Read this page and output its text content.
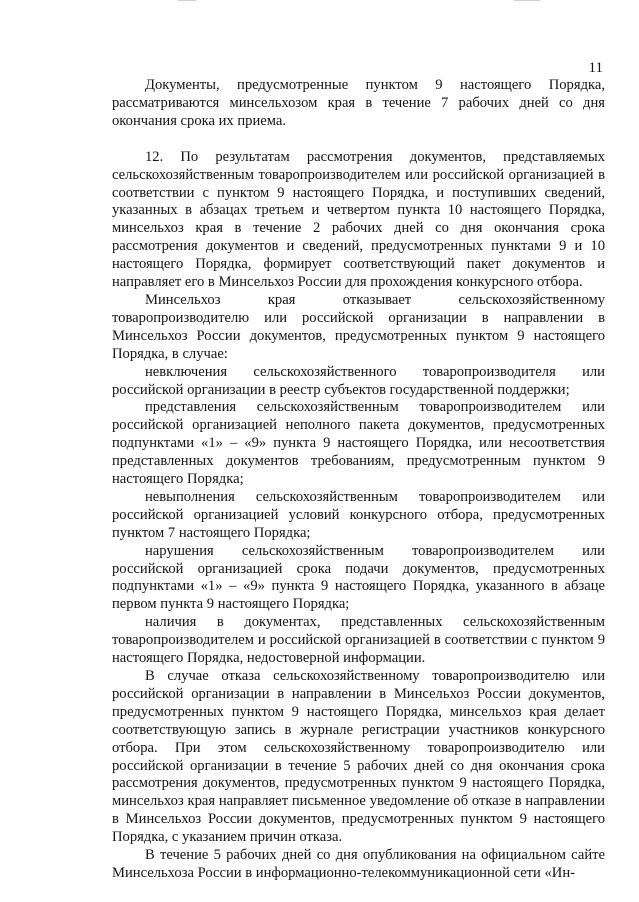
11

Документы, предусмотренные пунктом 9 настоящего Порядка, рассматриваются минсельхозом края в течение 7 рабочих дней со дня окончания срока их приема.

12. По результатам рассмотрения документов, представляемых сельскохозяйственным товаропроизводителем или российской организацией в соответствии с пунктом 9 настоящего Порядка, и поступивших сведений, указанных в абзацах третьем и четвертом пункта 10 настоящего Порядка, минсельхоз края в течение 2 рабочих дней со дня окончания срока рассмотрения документов и сведений, предусмотренных пунктами 9 и 10 настоящего Порядка, формирует соответствующий пакет документов и направляет его в Минсельхоз России для прохождения конкурсного отбора.

Минсельхоз края отказывает сельскохозяйственному товаропроизводителю или российской организации в направлении в Минсельхоз России документов, предусмотренных пунктом 9 настоящего Порядка, в случае:

невключения сельскохозяйственного товаропроизводителя или российской организации в реестр субъектов государственной поддержки;

представления сельскохозяйственным товаропроизводителем или российской организацией неполного пакета документов, предусмотренных подпунктами «1» – «9» пункта 9 настоящего Порядка, или несоответствия представленных документов требованиям, предусмотренным пунктом 9 настоящего Порядка;

невыполнения сельскохозяйственным товаропроизводителем или российской организацией условий конкурсного отбора, предусмотренных пунктом 7 настоящего Порядка;

нарушения сельскохозяйственным товаропроизводителем или российской организацией срока подачи документов, предусмотренных подпунктами «1» – «9» пункта 9 настоящего Порядка, указанного в абзаце первом пункта 9 настоящего Порядка;

наличия в документах, представленных сельскохозяйственным товаропроизводителем и российской организацией в соответствии с пунктом 9 настоящего Порядка, недостоверной информации.

В случае отказа сельскохозяйственному товаропроизводителю или российской организации в направлении в Минсельхоз России документов, предусмотренных пунктом 9 настоящего Порядка, минсельхоз края делает соответствующую запись в журнале регистрации участников конкурсного отбора. При этом сельскохозяйственному товаропроизводителю или российской организации в течение 5 рабочих дней со дня окончания срока рассмотрения документов, предусмотренных пунктом 9 настоящего Порядка, минсельхоз края направляет письменное уведомление об отказе в направлении в Минсельхоз России документов, предусмотренных пунктом 9 настоящего Порядка, с указанием причин отказа.

В течение 5 рабочих дней со дня опубликования на официальном сайте Минсельхоза России в информационно-телекоммуникационной сети «Ин-
